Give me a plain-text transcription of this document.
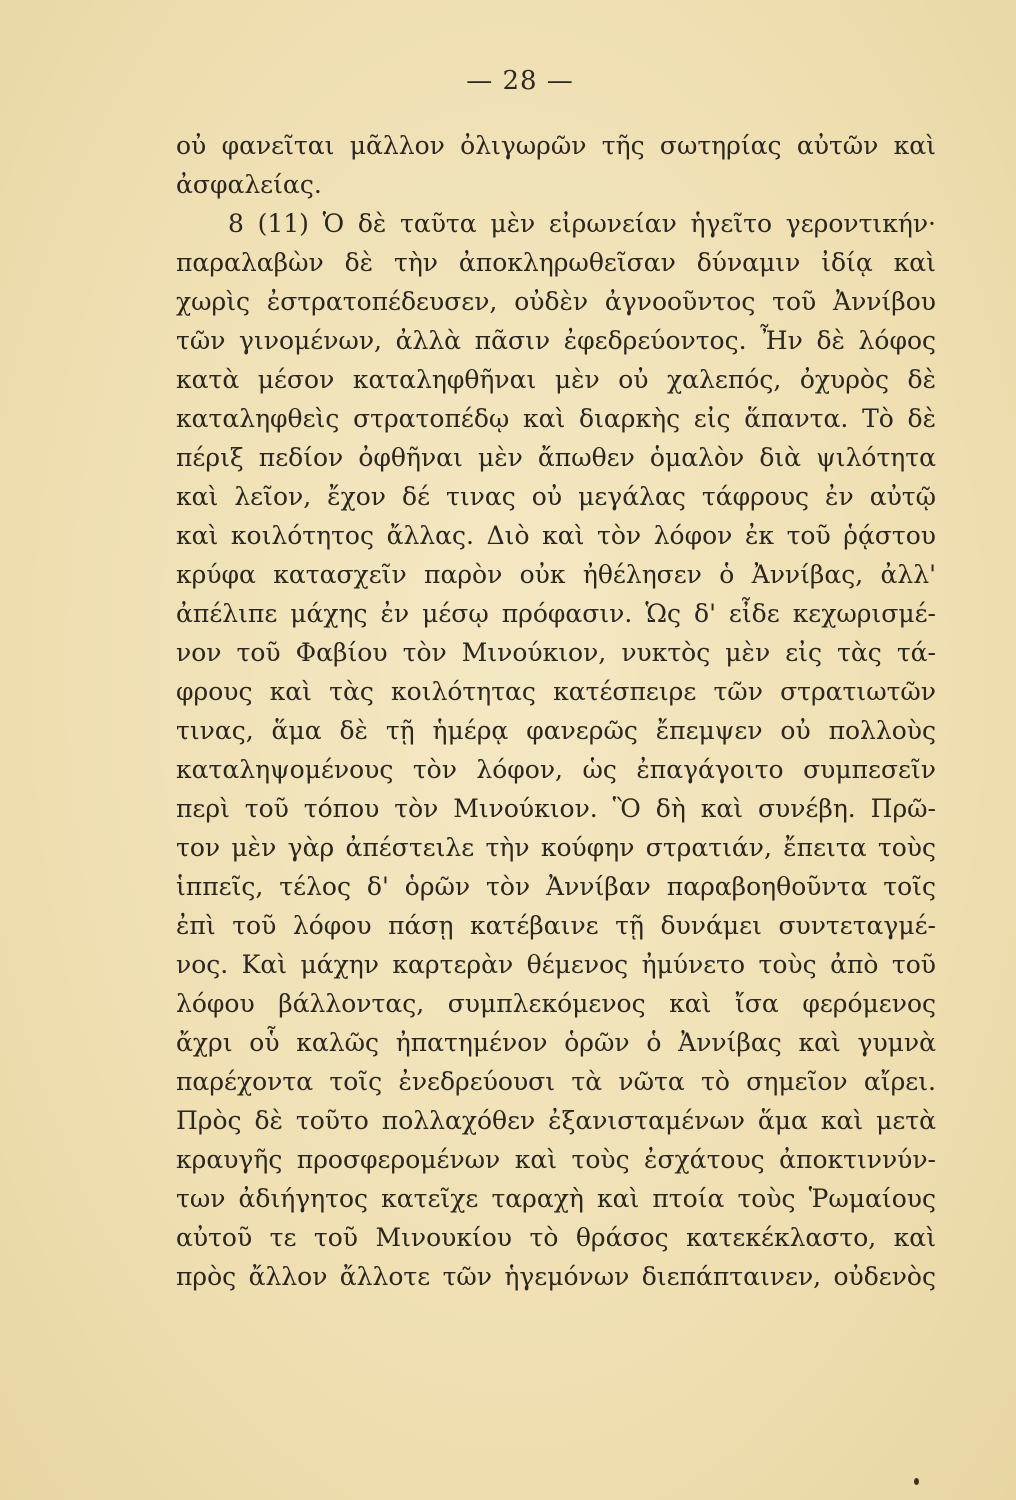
— 28 —
οὐ φανεῖται μᾶλλον ὀλιγωρῶν τῆς σωτηρίας αὐτῶν καὶ
ἀσφαλείας.
8 (11) Ὁ δὲ ταῦτα μὲν εἰρωνείαν ἡγεῖτο γεροντικήν·
παραλαβὼν δὲ τὴν ἀποκληρωθεῖσαν δύναμιν ἰδίᾳ καὶ
χωρὶς ἐστρατοπέδευσεν, οὐδὲν ἀγνοοῦντος τοῦ Ἀννίβου
τῶν γινομένων, ἀλλὰ πᾶσιν ἐφεδρεύοντος. Ἦν δὲ λόφος
κατὰ μέσον καταληφθῆναι μὲν οὐ χαλεπός, ὀχυρὸς δὲ
καταληφθεὶς στρατοπέδῳ καὶ διαρκὴς εἰς ἅπαντα. Τὸ δὲ
πέριξ πεδίον ὀφθῆναι μὲν ἄπωθεν ὁμαλὸν διὰ ψιλότητα
καὶ λεῖον, ἔχον δέ τινας οὐ μεγάλας τάφρους ἐν αὐτῷ
καὶ κοιλότητος ἄλλας. Διὸ καὶ τὸν λόφον ἐκ τοῦ ῥᾴστου
κρύφα κατασχεῖν παρὸν οὐκ ἠθέλησεν ὁ Ἀννίβας, ἀλλ'
ἀπέλιπε μάχης ἐν μέσῳ πρόφασιν. Ὡς δ' εἶδε κεχωρισμέ-
νον τοῦ Φαβίου τὸν Μινούκιον, νυκτὸς μὲν εἰς τὰς τά-
φρους καὶ τὰς κοιλότητας κατέσπειρε τῶν στρατιωτῶν
τινας, ἅμα δὲ τῇ ἡμέρᾳ φανερῶς ἔπεμψεν οὐ πολλοὺς
καταληψομένους τὸν λόφον, ὡς ἐπαγάγοιτο συμπεσεῖν
περὶ τοῦ τόπου τὸν Μινούκιον. Ὃ δὴ καὶ συνέβη. Πρῶ-
τον μὲν γὰρ ἀπέστειλε τὴν κούφην στρατιάν, ἔπειτα τοὺς
ἱππεῖς, τέλος δ' ὁρῶν τὸν Ἀννίβαν παραβοηθοῦντα τοῖς
ἐπὶ τοῦ λόφου πάσῃ κατέβαινε τῇ δυνάμει συντεταγμέ-
νος. Καὶ μάχην καρτερὰν θέμενος ἠμύνετο τοὺς ἀπὸ τοῦ
λόφου βάλλοντας, συμπλεκόμενος καὶ ἴσα φερόμενος
ἄχρι οὗ καλῶς ἠπατημένον ὁρῶν ὁ Ἀννίβας καὶ γυμνὰ
παρέχοντα τοῖς ἐνεδρεύουσι τὰ νῶτα τὸ σημεῖον αἴρει.
Πρὸς δὲ τοῦτο πολλαχόθεν ἐξανισταμένων ἅμα καὶ μετὰ
κραυγῆς προσφερομένων καὶ τοὺς ἐσχάτους ἀποκτιννύν-
των ἀδιήγητος κατεῖχε ταραχὴ καὶ πτοία τοὺς Ῥωμαίους
αὐτοῦ τε τοῦ Μινουκίου τὸ θράσος κατεκέκλαστο, καὶ
πρὸς ἄλλον ἄλλοτε τῶν ἡγεμόνων διεπάπταινεν, οὐδενὸς
